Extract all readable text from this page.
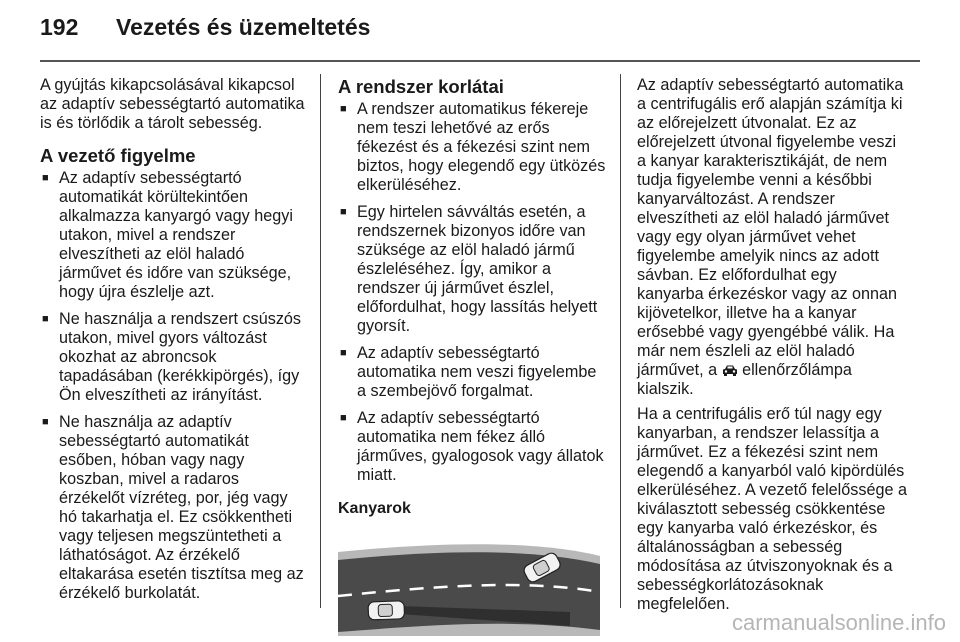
192 Vezetés és üzemeltetés

A gyújtás kikapcsolásával kikapcsol az adaptív sebességtartó automatika is és törlődik a tárolt sebesség.

A vezető figyelme
■ Az adaptív sebességtartó automatikát körültekintően alkalmazza kanyargó vagy hegyi utakon, mivel a rendszer elveszítheti az elöl haladó járművet és időre van szüksége, hogy újra észlelje azt.
■ Ne használja a rendszert csúszós utakon, mivel gyors változást okozhat az abroncsok tapadásában (kerékkipörgés), így Ön elveszítheti az irányítást.
■ Ne használja az adaptív sebességtartó automatikát esőben, hóban vagy nagy koszban, mivel a radaros érzékelőt vízréteg, por, jég vagy hó takarhatja el. Ez csökkentheti vagy teljesen megszüntetheti a láthatóságot. Az érzékelő eltakarása esetén tisztítsa meg az érzékelő burkolatát.
A rendszer korlátai
■ A rendszer automatikus fékereje nem teszi lehetővé az erős fékezést és a fékezési szint nem biztos, hogy elegendő egy ütközés elkerüléséhez.
■ Egy hirtelen sávváltás esetén, a rendszernek bizonyos időre van szüksége az elöl haladó jármű észleléséhez. Így, amikor a rendszer új járművet észlel, előfordulhat, hogy lassítás helyett gyorsít.
■ Az adaptív sebességtartó automatika nem veszi figyelembe a szembejövő forgalmat.
■ Az adaptív sebességtartó automatika nem fékez álló járműves, gyalogosok vagy állatok miatt.
Kanyarok

Az adaptív sebességtartó automatika a centrifugális erő alapján számítja ki az előrejelzett útvonalat. Ez az előrejelzett útvonal figyelembe veszi a kanyar karakterisztikáját, de nem tudja figyelembe venni a későbbi kanyarváltozást. A rendszer elveszítheti az elöl haladó járművet vagy egy olyan járművet vehet figyelembe amelyik nincs az adott sávban. Ez előfordulhat egy kanyarba érkezéskor vagy az onnan kijövetelkor, illetve ha a kanyar erősebbé vagy gyengébbé válik. Ha már nem észleli az elöl haladó járművet, a ellenőrzőlámpa kialszik.

Ha a centrifugális erő túl nagy egy kanyarban, a rendszer lelassítja a járművet. Ez a fékezési szint nem elegendő a kanyarból való kipördülés elkerüléséhez. A vezető felelőssége a kiválasztott sebesség csökkentése egy kanyarba való érkezéskor, és általánosságban a sebesség módosítása az útviszonyoknak és a sebességkorlátozásoknak megfelelően.

carmanualsonline.info
